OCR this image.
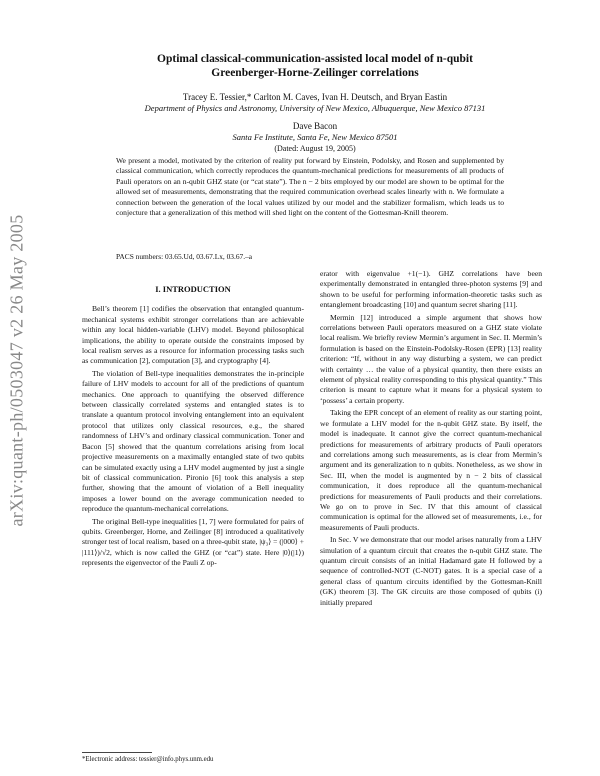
arXiv:quant-ph/0503047 v2 26 May 2005
Optimal classical-communication-assisted local model of n-qubit
Greenberger-Horne-Zeilinger correlations
Tracey E. Tessier,* Carlton M. Caves, Ivan H. Deutsch, and Bryan Eastin
Department of Physics and Astronomy, University of New Mexico, Albuquerque, New Mexico 87131
Dave Bacon
Santa Fe Institute, Santa Fe, New Mexico 87501
(Dated: August 19, 2005)
We present a model, motivated by the criterion of reality put forward by Einstein, Podolsky, and Rosen and supplemented by classical communication, which correctly reproduces the quantum-mechanical predictions for measurements of all products of Pauli operators on an n-qubit GHZ state (or “cat state”). The n − 2 bits employed by our model are shown to be optimal for the allowed set of measurements, demonstrating that the required communication overhead scales linearly with n. We formulate a connection between the generation of the local values utilized by our model and the stabilizer formalism, which leads us to conjecture that a generalization of this method will shed light on the content of the Gottesman-Knill theorem.
PACS numbers: 03.65.Ud, 03.67.Lx, 03.67.–a
I. INTRODUCTION

Bell’s theorem [1] codifies the observation that entangled quantum-mechanical systems exhibit stronger correlations than are achievable within any local hidden-variable (LHV) model. Beyond philosophical implications, the ability to operate outside the constraints imposed by local realism serves as a resource for information processing tasks such as communication [2], computation [3], and cryptography [4].

The violation of Bell-type inequalities demonstrates the in-principle failure of LHV models to account for all of the predictions of quantum mechanics. One approach to quantifying the observed difference between classically correlated systems and entangled states is to translate a quantum protocol involving entanglement into an equivalent protocol that utilizes only classical resources, e.g., the shared randomness of LHV’s and ordinary classical communication. Toner and Bacon [5] showed that the quantum correlations arising from local projective measurements on a maximally entangled state of two qubits can be simulated exactly using a LHV model augmented by just a single bit of classical communication. Pironio [6] took this analysis a step further, showing that the amount of violation of a Bell inequality imposes a lower bound on the average communication needed to reproduce the quantum-mechanical correlations.

The original Bell-type inequalities [1, 7] were formulated for pairs of qubits. Greenberger, Horne, and Zeilinger [8] introduced a qualitatively stronger test of local realism, based on a three-qubit state, |ψ₃⟩ = (|000⟩ + |111⟩)/√2, which is now called the GHZ (or “cat”) state. Here |0⟩(|1⟩) represents the eigenvector of the Pauli Z op-

erator with eigenvalue +1(−1). GHZ correlations have been experimentally demonstrated in entangled three-photon systems [9] and shown to be useful for performing information-theoretic tasks such as entanglement broadcasting [10] and quantum secret sharing [11].

Mermin [12] introduced a simple argument that shows how correlations between Pauli operators measured on a GHZ state violate local realism. We briefly review Mermin’s argument in Sec. II. Mermin’s formulation is based on the Einstein-Podolsky-Rosen (EPR) [13] reality criterion: “If, without in any way disturbing a system, we can predict with certainty … the value of a physical quantity, then there exists an element of physical reality corresponding to this physical quantity.” This criterion is meant to capture what it means for a physical system to ‘possess’ a certain property.

Taking the EPR concept of an element of reality as our starting point, we formulate a LHV model for the n-qubit GHZ state. By itself, the model is inadequate. It cannot give the correct quantum-mechanical predictions for measurements of arbitrary products of Pauli operators and correlations among such measurements, as is clear from Mermin’s argument and its generalization to n qubits. Nonetheless, as we show in Sec. III, when the model is augmented by n − 2 bits of classical communication, it does reproduce all the quantum-mechanical predictions for measurements of Pauli products and their correlations. We go on to prove in Sec. IV that this amount of classical communication is optimal for the allowed set of measurements, i.e., for measurements of Pauli products.

In Sec. V we demonstrate that our model arises naturally from a LHV simulation of a quantum circuit that creates the n-qubit GHZ state. The quantum circuit consists of an initial Hadamard gate H followed by a sequence of controlled-NOT (C-NOT) gates. It is a special case of a general class of quantum circuits identified by the Gottesman-Knill (GK) theorem [3]. The GK circuits are those composed of qubits (i) initially prepared

*Electronic address: tessier@info.phys.unm.edu
